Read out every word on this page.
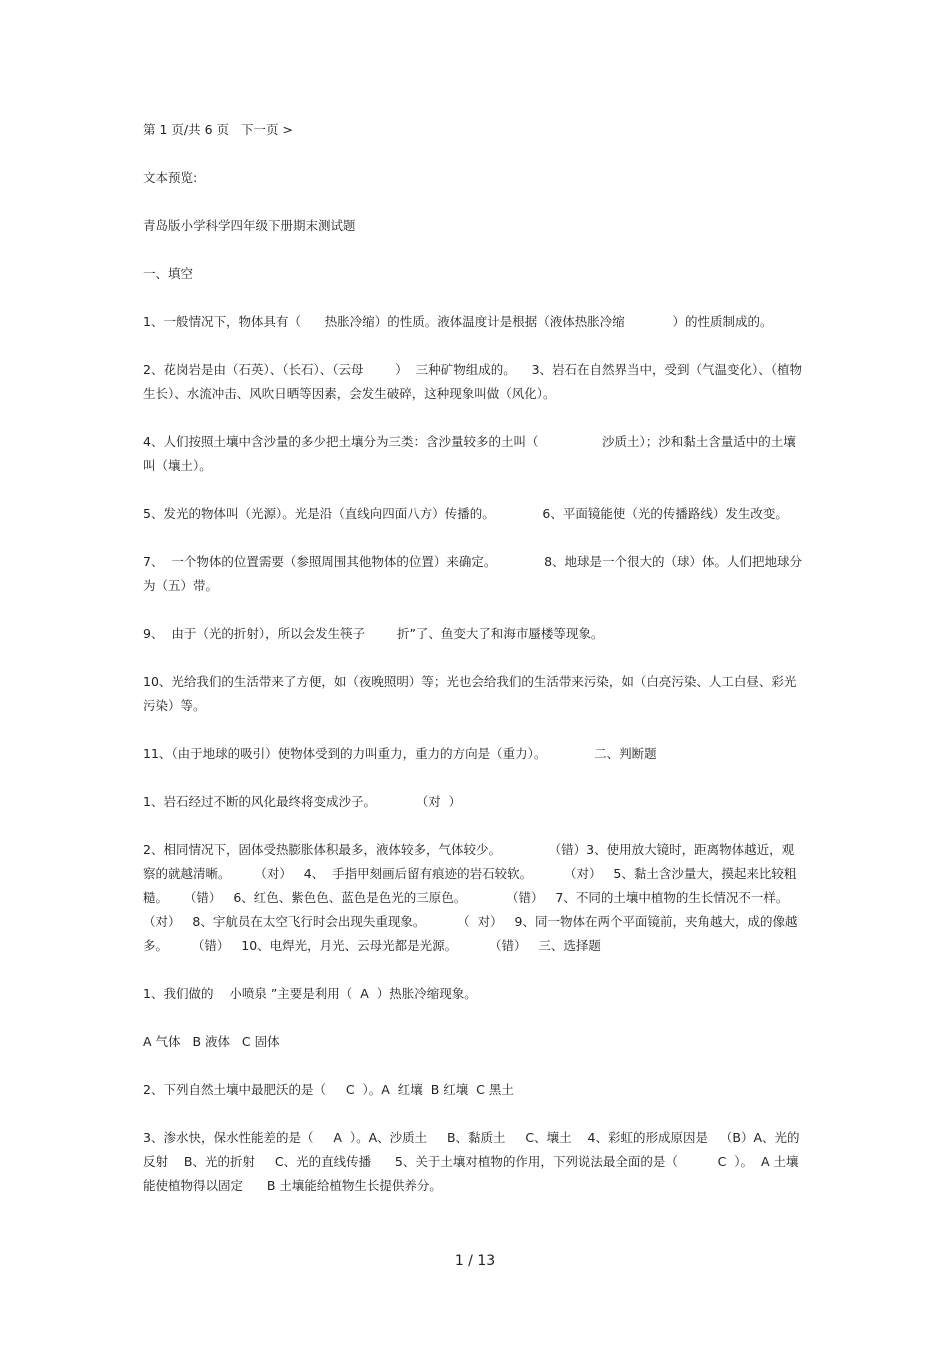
第 1 页/共 6 页 下一页 >

文本预览:

青岛版小学科学四年级下册期末测试题

一、填空

1、一般情况下，物体具有（      热胀冷缩）的性质。液体温度计是根据（液体热胀冷缩            ）的性质制成的。

2、花岗岩是由（石英）、（长石）、（云母        ）  三种矿物组成的。    3、岩石在自然界当中，受到（气温变化）、（植物生长）、水流冲击、风吹日晒等因素，会发生破碎，这种现象叫做（风化）。

4、人们按照土壤中含沙量的多少把土壤分为三类：含沙量较多的土叫（                沙质土）；沙和黏土含量适中的土壤叫（壤土）。

5、发光的物体叫（光源）。光是沿（直线向四面八方）传播的。            6、平面镜能使（光的传播路线）发生改变。

7、  一个物体的位置需要（参照周围其他物体的位置）来确定。            8、地球是一个很大的（球）体。人们把地球分为（五）带。

9、  由于（光的折射），所以会发生筷子        折”了、鱼变大了和海市蜃楼等现象。

10、光给我们的生活带来了方便，如（夜晚照明）等；光也会给我们的生活带来污染，如（白亮污染、人工白昼、彩光污染）等。

11、（由于地球的吸引）使物体受到的力叫重力，重力的方向是（重力）。            二、判断题

1、岩石经过不断的风化最终将变成沙子。          （对  ）

2、相同情况下，固体受热膨胀体积最多，液体较多，气体较少。            （错）3、使用放大镜时，距离物体越近，观察的就越清晰。      （对）   4、  手指甲刻画后留有痕迹的岩石较软。        （对）   5、黏土含沙量大，摸起来比较粗糙。    （错）   6、红色、紫色色、蓝色是色光的三原色。          （错）   7、不同的土壤中植物的生长情况不一样。    （对）   8、宇航员在太空飞行时会出现失重现象。        （  对）   9、同一物体在两个平面镜前，夹角越大，成的像越多。      （错）   10、电焊光，月光、云母光都是光源。        （错）   三、选择题

1、我们做的    小喷泉 ”主要是利用（  A  ）热胀冷缩现象。

A 气体   B 液体   C 固体

2、下列自然土壤中最肥沃的是（     C  ）。A  红壤  B 红壤  C 黑土

3、渗水快，保水性能差的是（     A  ）。A、沙质土     B、黏质土     C、壤土    4、彩虹的形成原因是   （B）A、光的反射    B、光的折射     C、光的直线传播      5、关于土壤对植物的作用，下列说法最全面的是（          C  ）。  A 土壤能使植物得以固定      B 土壤能给植物生长提供养分。

1 / 13
